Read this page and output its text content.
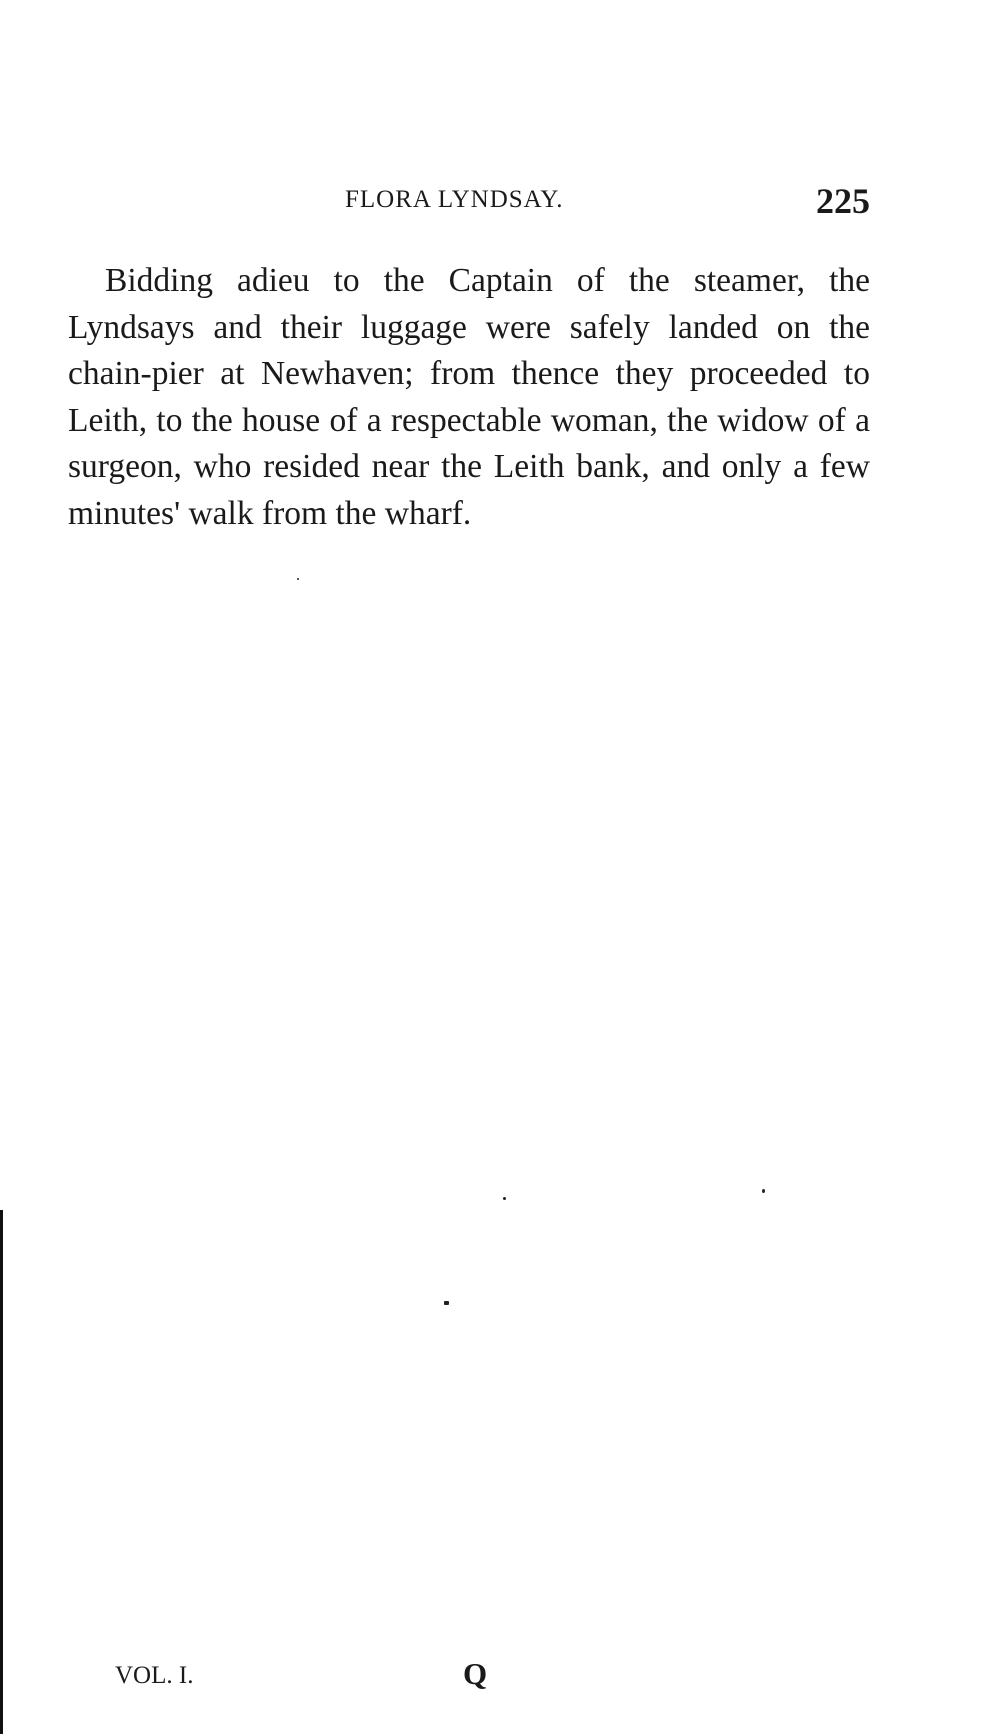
FLORA LYNDSAY.	225

Bidding adieu to the Captain of the steamer, the Lyndsays and their luggage were safely landed on the chain-pier at Newhaven; from thence they proceeded to Leith, to the house of a respectable woman, the widow of a surgeon, who resided near the Leith bank, and only a few minutes' walk from the wharf.

VOL. I.	Q
